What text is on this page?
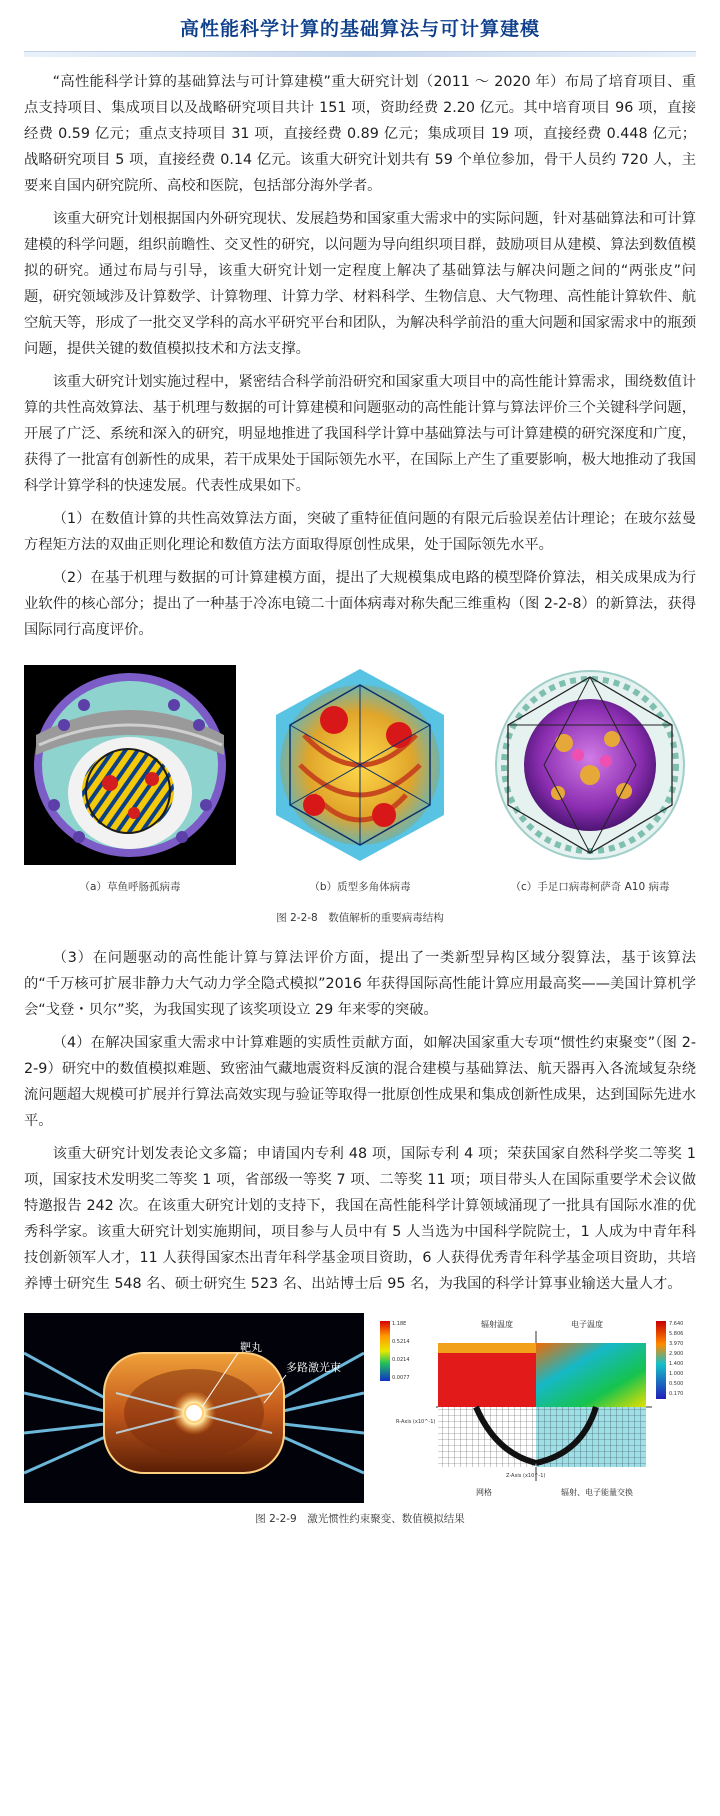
高性能科学计算的基础算法与可计算建模

“高性能科学计算的基础算法与可计算建模”重大研究计划（2011 ～ 2020 年）布局了培育项目、重点支持项目、集成项目以及战略研究项目共计 151 项，资助经费 2.20 亿元。其中培育项目 96 项，直接经费 0.59 亿元；重点支持项目 31 项，直接经费 0.89 亿元；集成项目 19 项，直接经费 0.448 亿元；战略研究项目 5 项，直接经费 0.14 亿元。该重大研究计划共有 59 个单位参加，骨干人员约 720 人，主要来自国内研究院所、高校和医院，包括部分海外学者。

该重大研究计划根据国内外研究现状、发展趋势和国家重大需求中的实际问题，针对基础算法和可计算建模的科学问题，组织前瞻性、交叉性的研究，以问题为导向组织项目群，鼓励项目从建模、算法到数值模拟的研究。通过布局与引导，该重大研究计划一定程度上解决了基础算法与解决问题之间的“两张皮”问题，研究领域涉及计算数学、计算物理、计算力学、材料科学、生物信息、大气物理、高性能计算软件、航空航天等，形成了一批交叉学科的高水平研究平台和团队，为解决科学前沿的重大问题和国家需求中的瓶颈问题，提供关键的数值模拟技术和方法支撑。

该重大研究计划实施过程中，紧密结合科学前沿研究和国家重大项目中的高性能计算需求，围绕数值计算的共性高效算法、基于机理与数据的可计算建模和问题驱动的高性能计算与算法评价三个关键科学问题，开展了广泛、系统和深入的研究，明显地推进了我国科学计算中基础算法与可计算建模的研究深度和广度，获得了一批富有创新性的成果，若干成果处于国际领先水平，在国际上产生了重要影响，极大地推动了我国科学计算学科的快速发展。代表性成果如下。

（1）在数值计算的共性高效算法方面，突破了重特征值问题的有限元后验误差估计理论；在玻尔兹曼方程矩方法的双曲正则化理论和数值方法方面取得原创性成果，处于国际领先水平。

（2）在基于机理与数据的可计算建模方面，提出了大规模集成电路的模型降价算法，相关成果成为行业软件的核心部分；提出了一种基于冷冻电镜二十面体病毒对称失配三维重构（图 2-2-8）的新算法，获得国际同行高度评价。

（a）草鱼呼肠孤病毒	（b）质型多角体病毒	（c）手足口病毒柯萨奇 A10 病毒
图 2-2-8　数值解析的重要病毒结构

（3）在问题驱动的高性能计算与算法评价方面，提出了一类新型异构区域分裂算法，基于该算法的“千万核可扩展非静力大气动力学全隐式模拟”2016 年获得国际高性能计算应用最高奖——美国计算机学会“戈登・贝尔”奖，为我国实现了该奖项设立 29 年来零的突破。

（4）在解决国家重大需求中计算难题的实质性贡献方面，如解决国家重大专项“惯性约束聚变”（图 2-2-9）研究中的数值模拟难题、致密油气藏地震资料反演的混合建模与基础算法、航天器再入各流域复杂绕流问题超大规模可扩展并行算法高效实现与验证等取得一批原创性成果和集成创新性成果，达到国际先进水平。

该重大研究计划发表论文多篇；申请国内专利 48 项，国际专利 4 项；荣获国家自然科学奖二等奖 1 项，国家技术发明奖二等奖 1 项，省部级一等奖 7 项、二等奖 11 项；项目带头人在国际重要学术会议做特邀报告 242 次。在该重大研究计划的支持下，我国在高性能科学计算领域涌现了一批具有国际水准的优秀科学家。该重大研究计划实施期间，项目参与人员中有 5 人当选为中国科学院院士，1 人成为中青年科技创新领军人才，11 人获得国家杰出青年科学基金项目资助，6 人获得优秀青年科学基金项目资助，共培养博士研究生 548 名、硕士研究生 523 名、出站博士后 95 名，为我国的科学计算事业输送大量人才。

靶丸
多路激光束
1.18E
0.5214
0.0214
0.0077
7.640
5.806
3.970
2.900
1.400
1.000
0.500
0.170
辐射温度	电子温度
R-Axis (x10^-1)
Z-Axis (x10^-1)
网格	辐射、电子能量交换
图 2-2-9　激光惯性约束聚变、数值模拟结果
